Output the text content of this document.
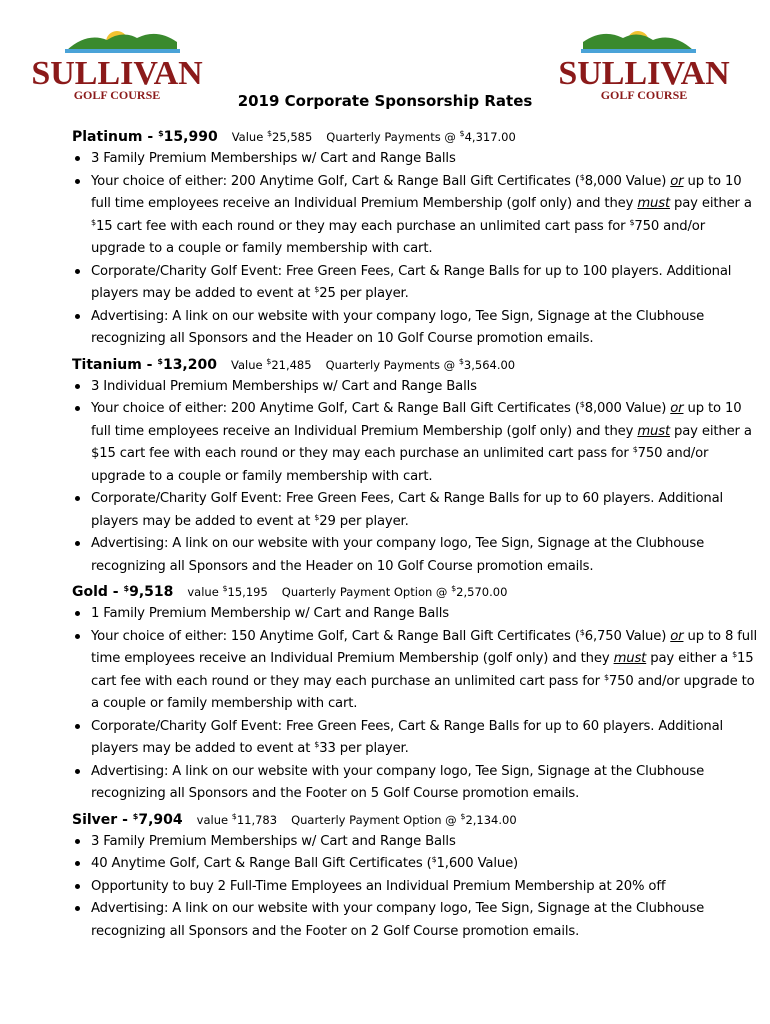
SULLIVAN
GOLF COURSE
SULLIVAN
GOLF COURSE
2019 Corporate Sponsorship Rates
Platinum - $15,990 Value $25,585 Quarterly Payments @ $4,317.00
3 Family Premium Memberships w/ Cart and Range Balls
Your choice of either: 200 Anytime Golf, Cart & Range Ball Gift Certificates ($8,000 Value) or up to 10 full time employees receive an Individual Premium Membership (golf only) and they must pay either a $15 cart fee with each round or they may each purchase an unlimited cart pass for $750 and/or upgrade to a couple or family membership with cart.
Corporate/Charity Golf Event: Free Green Fees, Cart & Range Balls for up to 100 players. Additional players may be added to event at $25 per player.
Advertising: A link on our website with your company logo, Tee Sign, Signage at the Clubhouse recognizing all Sponsors and the Header on 10 Golf Course promotion emails.
Titanium - $13,200 Value $21,485 Quarterly Payments @ $3,564.00
3 Individual Premium Memberships w/ Cart and Range Balls
Your choice of either: 200 Anytime Golf, Cart & Range Ball Gift Certificates ($8,000 Value) or up to 10 full time employees receive an Individual Premium Membership (golf only) and they must pay either a $15 cart fee with each round or they may each purchase an unlimited cart pass for $750 and/or upgrade to a couple or family membership with cart.
Corporate/Charity Golf Event: Free Green Fees, Cart & Range Balls for up to 60 players. Additional players may be added to event at $29 per player.
Advertising: A link on our website with your company logo, Tee Sign, Signage at the Clubhouse recognizing all Sponsors and the Header on 10 Golf Course promotion emails.
Gold - $9,518 value $15,195 Quarterly Payment Option @ $2,570.00
1 Family Premium Membership w/ Cart and Range Balls
Your choice of either: 150 Anytime Golf, Cart & Range Ball Gift Certificates ($6,750 Value) or up to 8 full time employees receive an Individual Premium Membership (golf only) and they must pay either a $15 cart fee with each round or they may each purchase an unlimited cart pass for $750 and/or upgrade to a couple or family membership with cart.
Corporate/Charity Golf Event: Free Green Fees, Cart & Range Balls for up to 60 players. Additional players may be added to event at $33 per player.
Advertising: A link on our website with your company logo, Tee Sign, Signage at the Clubhouse recognizing all Sponsors and the Footer on 5 Golf Course promotion emails.
Silver - $7,904 value $11,783 Quarterly Payment Option @ $2,134.00
3 Family Premium Memberships w/ Cart and Range Balls
40 Anytime Golf, Cart & Range Ball Gift Certificates ($1,600 Value)
Opportunity to buy 2 Full-Time Employees an Individual Premium Membership at 20% off
Advertising: A link on our website with your company logo, Tee Sign, Signage at the Clubhouse recognizing all Sponsors and the Footer on 2 Golf Course promotion emails.
